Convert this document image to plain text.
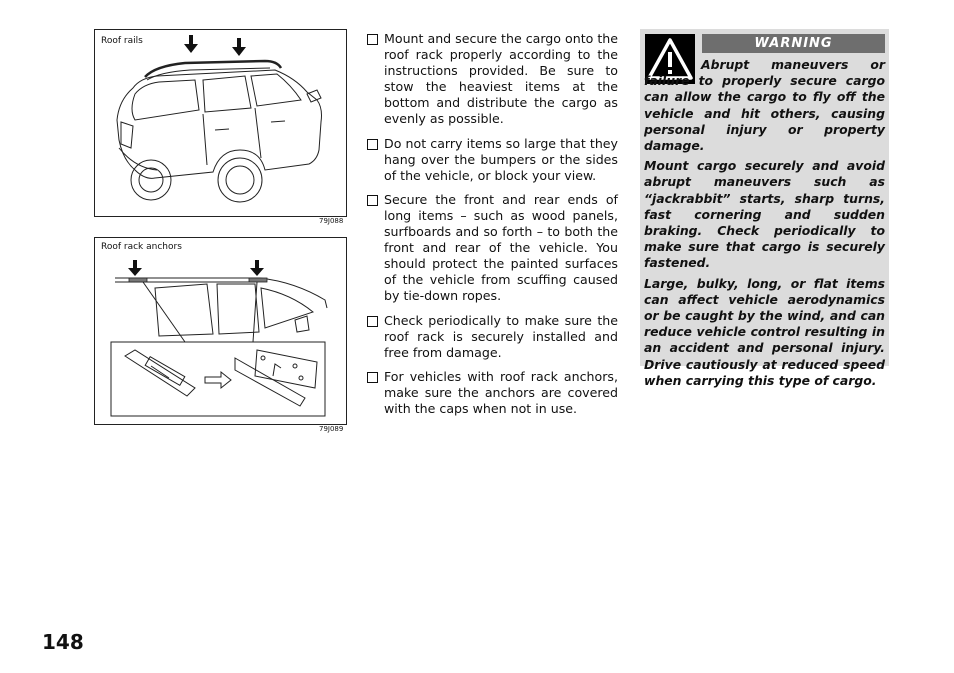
Roof rails
79J088
Roof rack anchors
79J089
Mount and secure the cargo onto the roof rack properly according to the instructions provided. Be sure to stow the heaviest items at the bottom and distribute the cargo as evenly as possible.
Do not carry items so large that they hang over the bumpers or the sides of the vehicle, or block your view.
Secure the front and rear ends of long items – such as wood panels, surfboards and so forth – to both the front and rear of the vehicle. You should protect the painted surfaces of the vehicle from scuffing caused by tie-down ropes.
Check periodically to make sure the roof rack is securely installed and free from damage.
For vehicles with roof rack anchors, make sure the anchors are covered with the caps when not in use.
WARNING

Abrupt maneuvers or failure to properly secure cargo can allow the cargo to fly off the vehicle and hit others, causing personal injury or property damage.

Mount cargo securely and avoid abrupt maneuvers such as “jackrabbit” starts, sharp turns, fast cornering and sudden braking. Check periodically to make sure that cargo is securely fastened.

Large, bulky, long, or flat items can affect vehicle aerodynamics or be caught by the wind, and can reduce vehicle control resulting in an accident and personal injury. Drive cautiously at reduced speed when carrying this type of cargo.

148
